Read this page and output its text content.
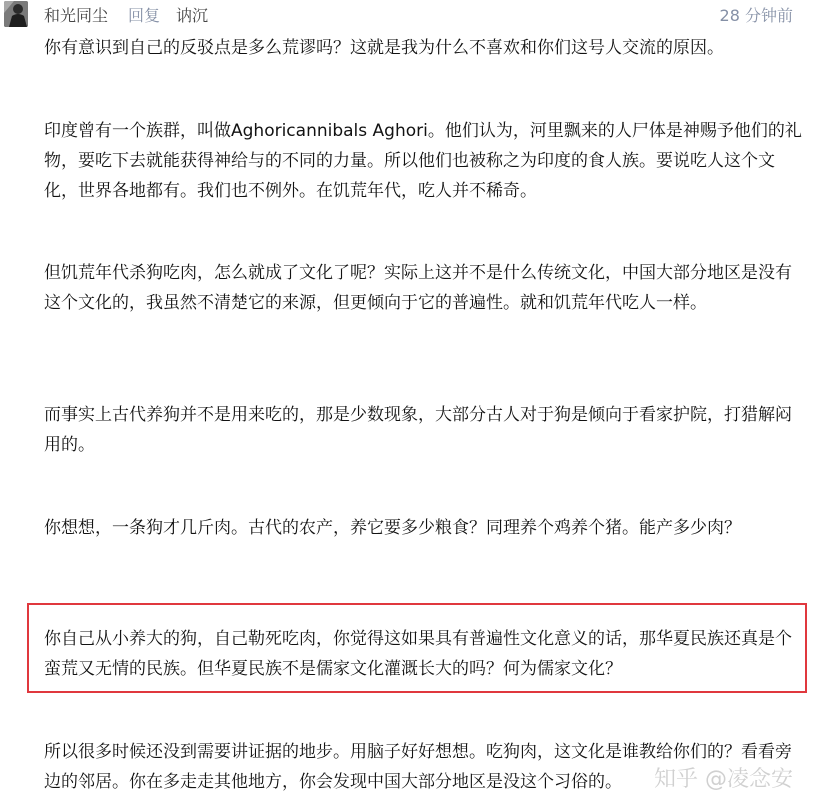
和光同尘 回复 讷沉	28 分钟前

你有意识到自己的反驳点是多么荒谬吗？这就是我为什么不喜欢和你们这号人交流的原因。

印度曾有一个族群，叫做Aghoricannibals Aghori。他们认为，河里飘来的人尸体是神赐予他们的礼物，要吃下去就能获得神给与的不同的力量。所以他们也被称之为印度的食人族。要说吃人这个文化，世界各地都有。我们也不例外。在饥荒年代，吃人并不稀奇。

但饥荒年代杀狗吃肉，怎么就成了文化了呢？实际上这并不是什么传统文化，中国大部分地区是没有这个文化的，我虽然不清楚它的来源，但更倾向于它的普遍性。就和饥荒年代吃人一样。

而事实上古代养狗并不是用来吃的，那是少数现象，大部分古人对于狗是倾向于看家护院，打猎解闷用的。

你想想，一条狗才几斤肉。古代的农产，养它要多少粮食？同理养个鸡养个猪。能产多少肉？

你自己从小养大的狗，自己勒死吃肉，你觉得这如果具有普遍性文化意义的话，那华夏民族还真是个蛮荒又无情的民族。但华夏民族不是儒家文化灌溉长大的吗？何为儒家文化？

所以很多时候还没到需要讲证据的地步。用脑子好好想想。吃狗肉，这文化是谁教给你们的？看看旁边的邻居。你在多走走其他地方，你会发现中国大部分地区是没这个习俗的。	知乎 @凌念安
